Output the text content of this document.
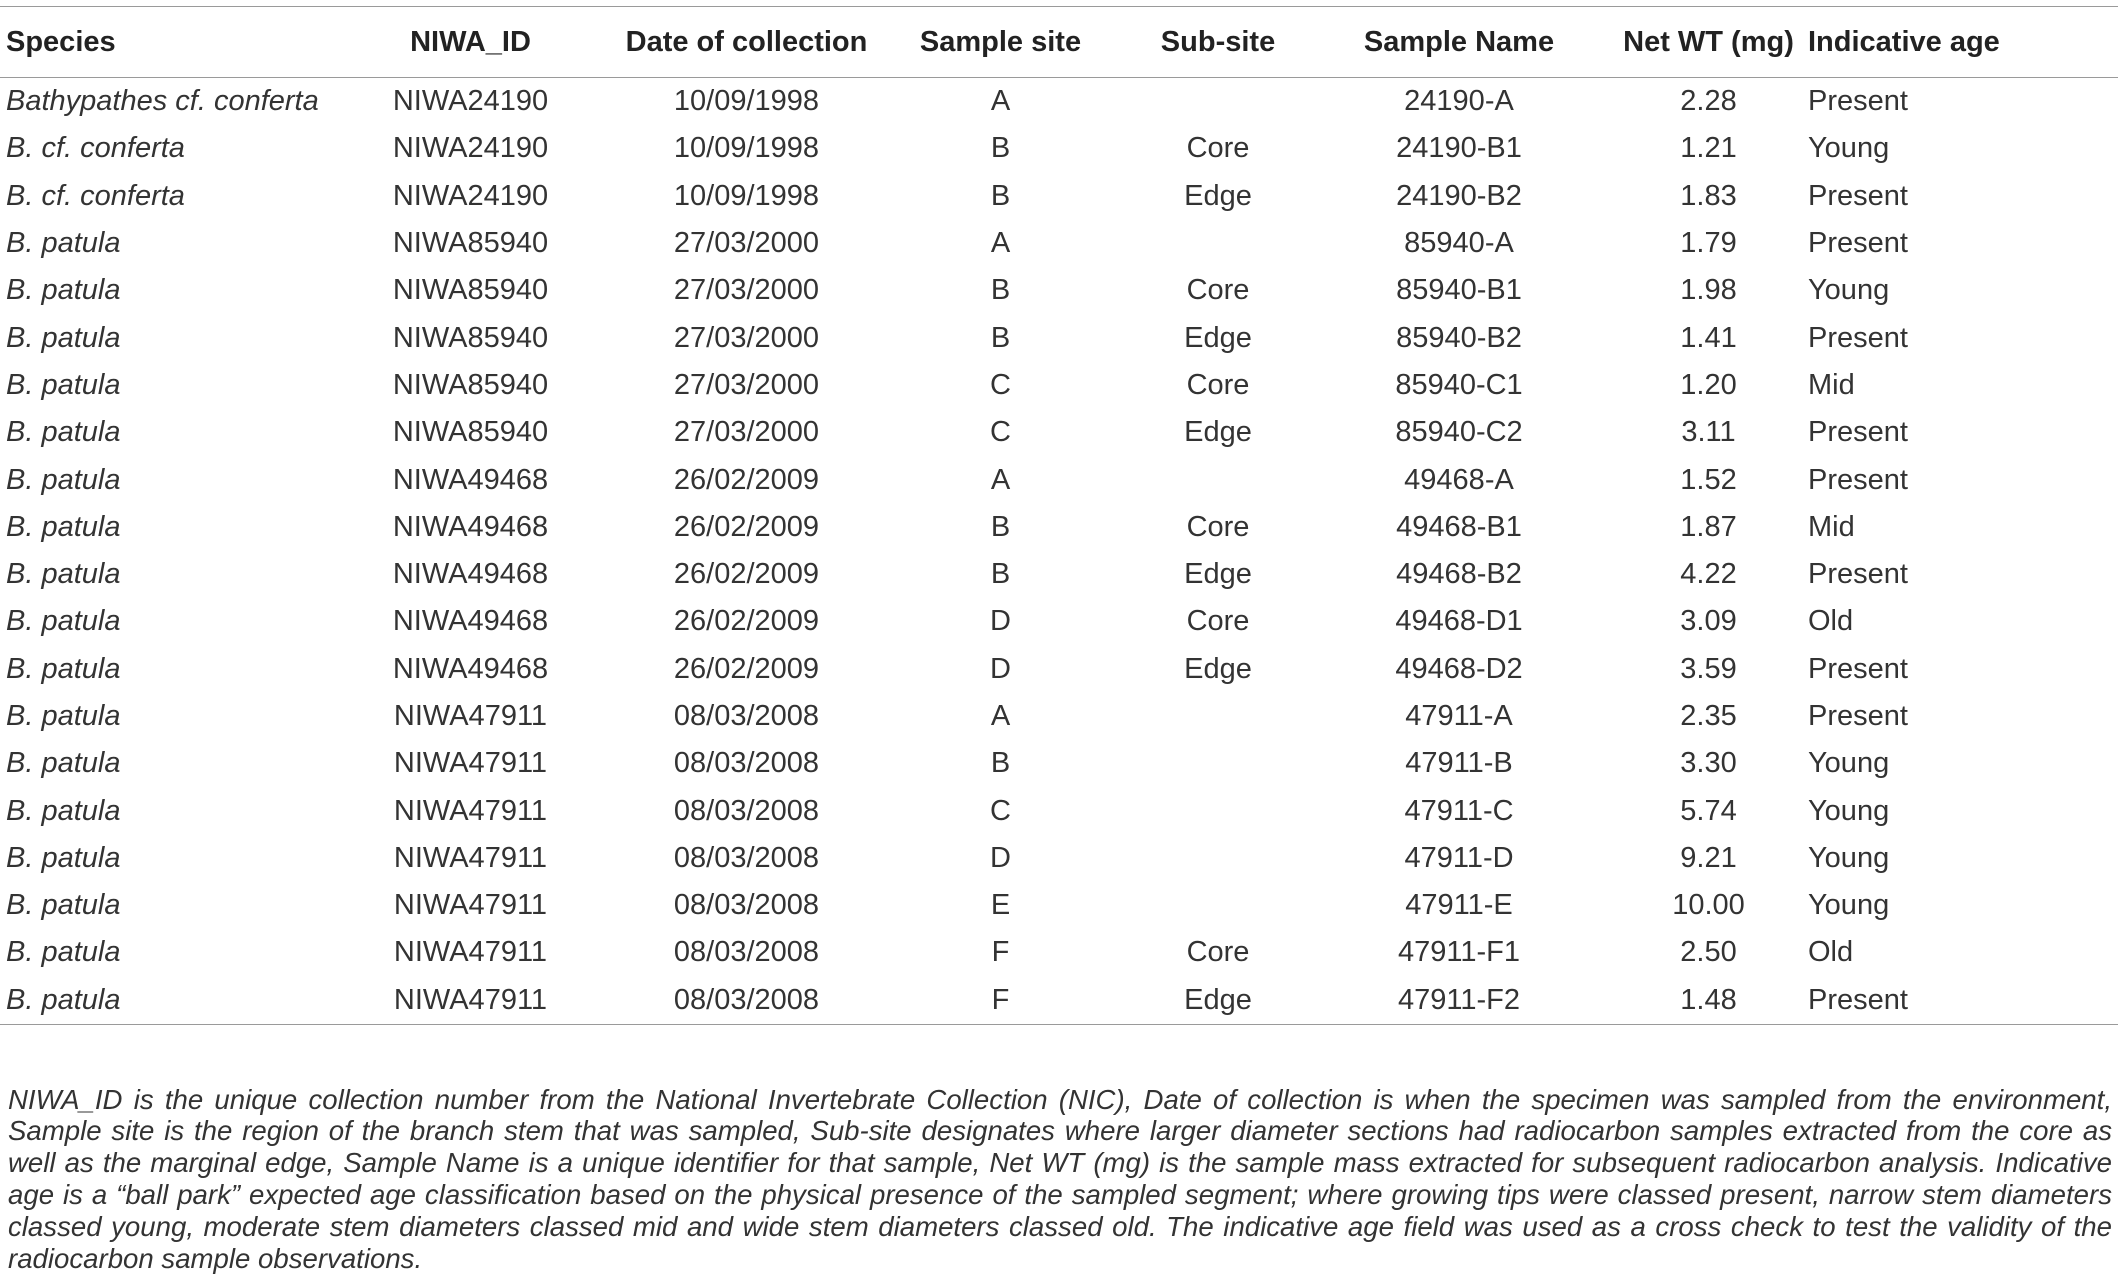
Species	NIWA_ID	Date of collection	Sample site	Sub-site	Sample Name	Net WT (mg)	Indicative age
Bathypathes cf. conferta	NIWA24190	10/09/1998	A		24190-A	2.28	Present
B. cf. conferta	NIWA24190	10/09/1998	B	Core	24190-B1	1.21	Young
B. cf. conferta	NIWA24190	10/09/1998	B	Edge	24190-B2	1.83	Present
B. patula	NIWA85940	27/03/2000	A		85940-A	1.79	Present
B. patula	NIWA85940	27/03/2000	B	Core	85940-B1	1.98	Young
B. patula	NIWA85940	27/03/2000	B	Edge	85940-B2	1.41	Present
B. patula	NIWA85940	27/03/2000	C	Core	85940-C1	1.20	Mid
B. patula	NIWA85940	27/03/2000	C	Edge	85940-C2	3.11	Present
B. patula	NIWA49468	26/02/2009	A		49468-A	1.52	Present
B. patula	NIWA49468	26/02/2009	B	Core	49468-B1	1.87	Mid
B. patula	NIWA49468	26/02/2009	B	Edge	49468-B2	4.22	Present
B. patula	NIWA49468	26/02/2009	D	Core	49468-D1	3.09	Old
B. patula	NIWA49468	26/02/2009	D	Edge	49468-D2	3.59	Present
B. patula	NIWA47911	08/03/2008	A		47911-A	2.35	Present
B. patula	NIWA47911	08/03/2008	B		47911-B	3.30	Young
B. patula	NIWA47911	08/03/2008	C		47911-C	5.74	Young
B. patula	NIWA47911	08/03/2008	D		47911-D	9.21	Young
B. patula	NIWA47911	08/03/2008	E		47911-E	10.00	Young
B. patula	NIWA47911	08/03/2008	F	Core	47911-F1	2.50	Old
B. patula	NIWA47911	08/03/2008	F	Edge	47911-F2	1.48	Present

NIWA_ID is the unique collection number from the National Invertebrate Collection (NIC), Date of collection is when the specimen was sampled from the environment, Sample site is the region of the branch stem that was sampled, Sub-site designates where larger diameter sections had radiocarbon samples extracted from the core as well as the marginal edge, Sample Name is a unique identifier for that sample, Net WT (mg) is the sample mass extracted for subsequent radiocarbon analysis. Indicative age is a “ball park” expected age classification based on the physical presence of the sampled segment; where growing tips were classed present, narrow stem diameters classed young, moderate stem diameters classed mid and wide stem diameters classed old. The indicative age field was used as a cross check to test the validity of the radiocarbon sample observations.
